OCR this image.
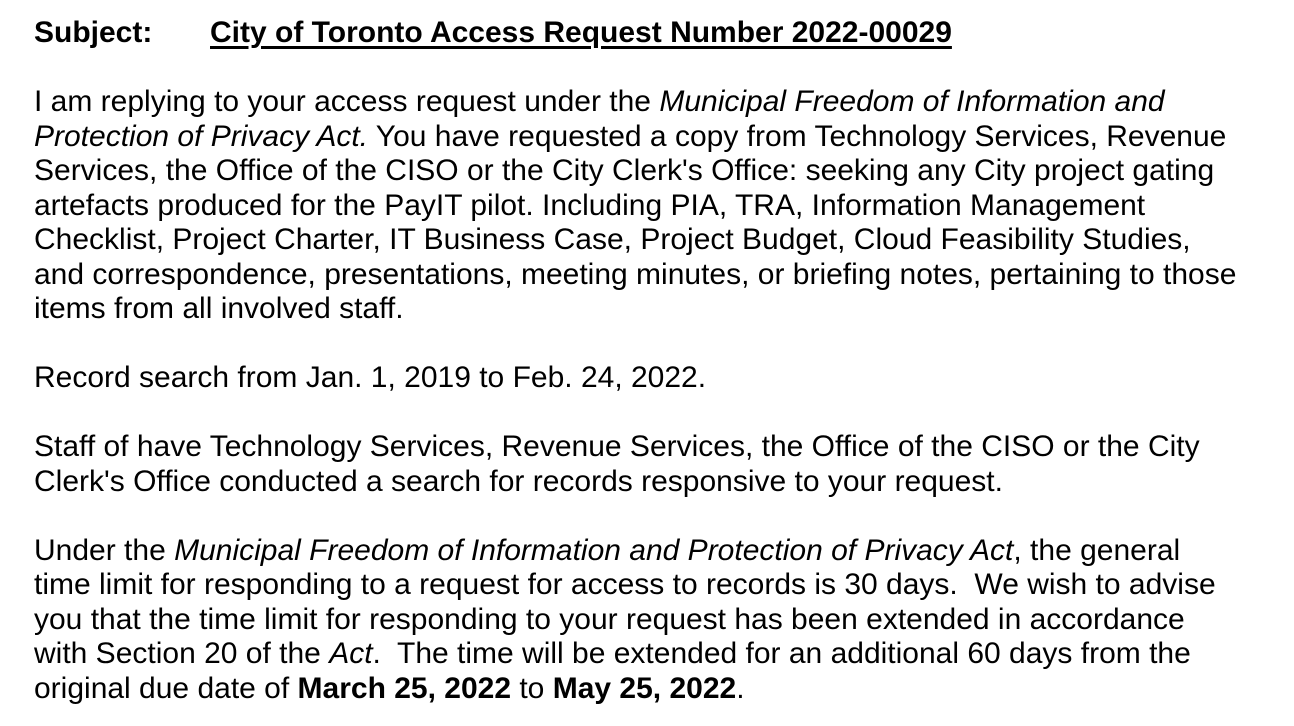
Subject:	City of Toronto Access Request Number 2022-00029

I am replying to your access request under the Municipal Freedom of Information and Protection of Privacy Act. You have requested a copy from Technology Services, Revenue Services, the Office of the CISO or the City Clerk's Office: seeking any City project gating artefacts produced for the PayIT pilot. Including PIA, TRA, Information Management Checklist, Project Charter, IT Business Case, Project Budget, Cloud Feasibility Studies, and correspondence, presentations, meeting minutes, or briefing notes, pertaining to those items from all involved staff.

Record search from Jan. 1, 2019 to Feb. 24, 2022.

Staff of have Technology Services, Revenue Services, the Office of the CISO or the City Clerk's Office conducted a search for records responsive to your request.

Under the Municipal Freedom of Information and Protection of Privacy Act, the general time limit for responding to a request for access to records is 30 days.  We wish to advise you that the time limit for responding to your request has been extended in accordance with Section 20 of the Act.  The time will be extended for an additional 60 days from the original due date of March 25, 2022 to May 25, 2022.
